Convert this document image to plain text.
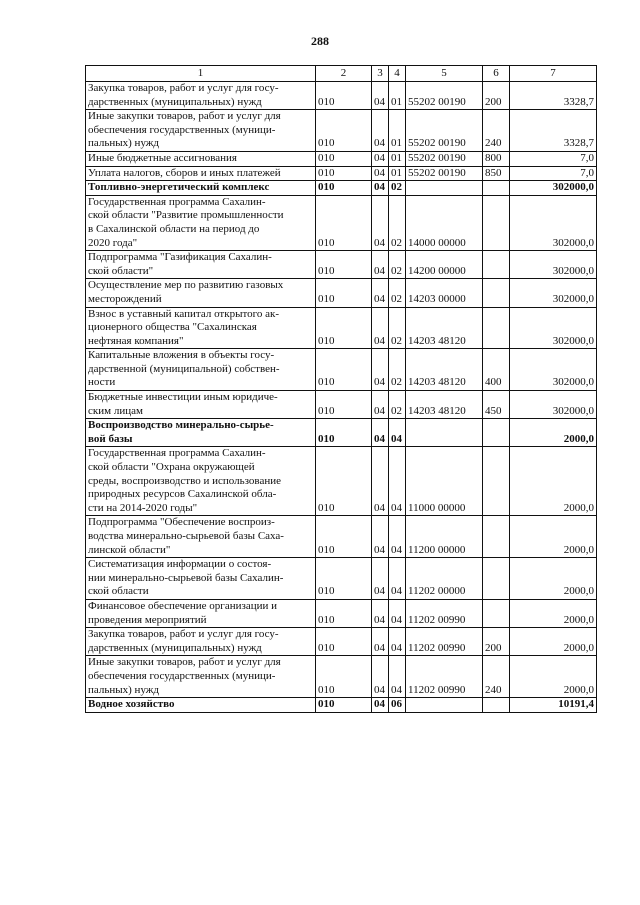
288
1	2	3	4	5	6	7
Закупка товаров, работ и услуг для госу-
дарственных (муниципальных) нужд	010	04	01	55202 00190	200	3328,7
Иные закупки товаров, работ и услуг для
обеспечения государственных (муници-
пальных) нужд	010	04	01	55202 00190	240	3328,7
Иные бюджетные ассигнования	010	04	01	55202 00190	800	7,0
Уплата налогов, сборов и иных платежей	010	04	01	55202 00190	850	7,0
Топливно-энергетический комплекс	010	04	02			302000,0
Государственная программа Сахалин-
ской области "Развитие промышленности
в Сахалинской области на период до
2020 года"	010	04	02	14000 00000		302000,0
Подпрограмма "Газификация Сахалин-
ской области"	010	04	02	14200 00000		302000,0
Осуществление мер по развитию газовых
месторождений	010	04	02	14203 00000		302000,0
Взнос в уставный капитал открытого ак-
ционерного общества "Сахалинская
нефтяная компания"	010	04	02	14203 48120		302000,0
Капитальные вложения в объекты госу-
дарственной (муниципальной) собствен-
ности	010	04	02	14203 48120	400	302000,0
Бюджетные инвестиции иным юридиче-
ским лицам	010	04	02	14203 48120	450	302000,0
Воспроизводство минерально-сырье-
вой базы	010	04	04			2000,0
Государственная программа Сахалин-
ской области "Охрана окружающей
среды, воспроизводство и использование
природных ресурсов Сахалинской обла-
сти на 2014-2020 годы"	010	04	04	11000 00000		2000,0
Подпрограмма "Обеспечение воспроиз-
водства минерально-сырьевой базы Саха-
линской области"	010	04	04	11200 00000		2000,0
Систематизация информации о состоя-
нии минерально-сырьевой базы Сахалин-
ской области	010	04	04	11202 00000		2000,0
Финансовое обеспечение организации и
проведения мероприятий	010	04	04	11202 00990		2000,0
Закупка товаров, работ и услуг для госу-
дарственных (муниципальных) нужд	010	04	04	11202 00990	200	2000,0
Иные закупки товаров, работ и услуг для
обеспечения государственных (муници-
пальных) нужд	010	04	04	11202 00990	240	2000,0
Водное хозяйство	010	04	06			10191,4
